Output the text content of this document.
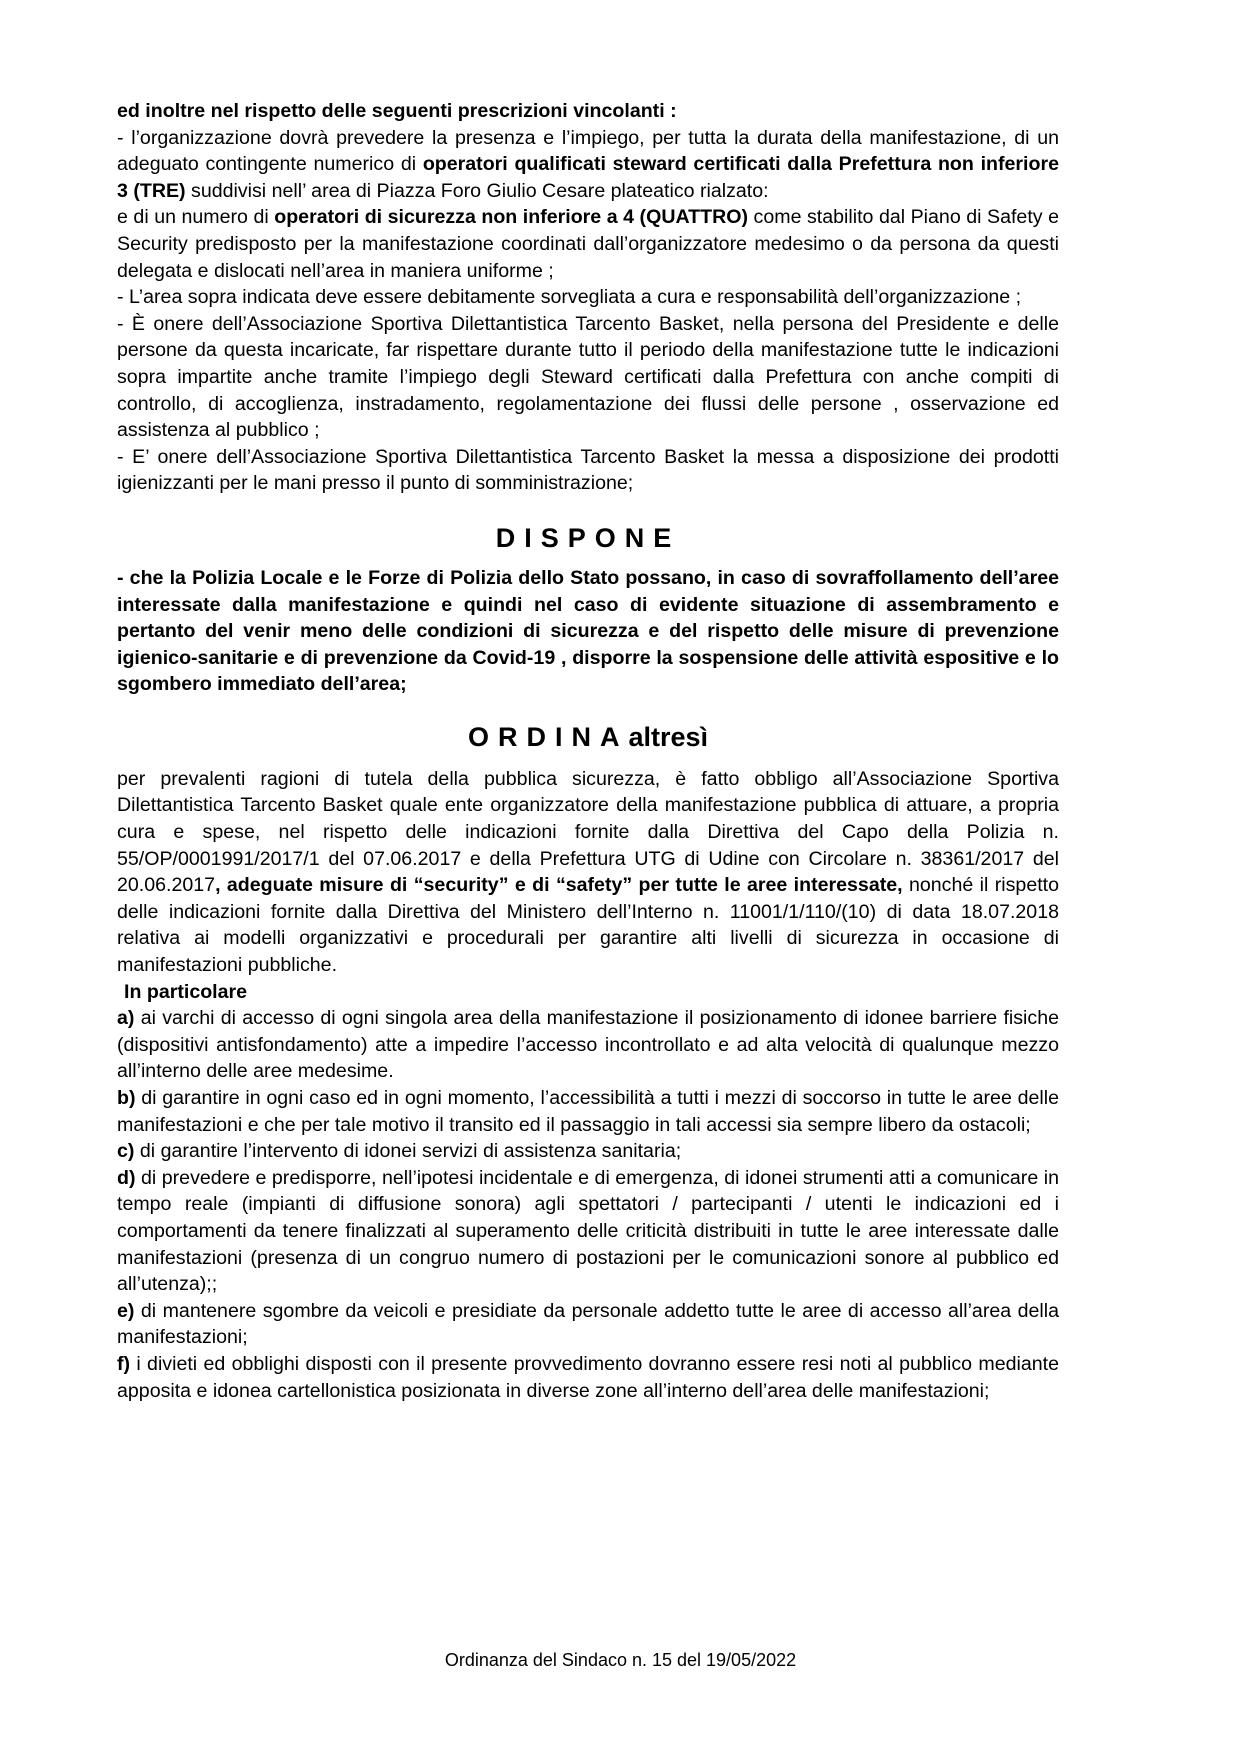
ed inoltre nel rispetto delle seguenti prescrizioni vincolanti :

- l’organizzazione dovrà prevedere la presenza e l’impiego, per tutta la durata della manifestazione, di un adeguato contingente numerico di operatori qualificati steward certificati dalla Prefettura non inferiore 3 (TRE) suddivisi nell’ area di Piazza Foro Giulio Cesare plateatico rialzato:

e di un numero di operatori di sicurezza non inferiore a 4 (QUATTRO) come stabilito dal Piano di Safety e Security predisposto per la manifestazione coordinati dall’organizzatore medesimo o da persona da questi delegata e dislocati nell’area in maniera uniforme ;

- L’area sopra indicata deve essere debitamente sorvegliata a cura e responsabilità dell’organizzazione ;

- È onere dell’Associazione Sportiva Dilettantistica Tarcento Basket, nella persona del Presidente e delle persone da questa incaricate, far rispettare durante tutto il periodo della manifestazione tutte le indicazioni sopra impartite anche tramite l’impiego degli Steward certificati dalla Prefettura con anche compiti di controllo, di accoglienza, instradamento, regolamentazione dei flussi delle persone , osservazione ed assistenza al pubblico ;

- E’ onere dell’Associazione Sportiva Dilettantistica Tarcento Basket la messa a disposizione dei prodotti igienizzanti per le mani presso il punto di somministrazione;

DISPONE

- che la Polizia Locale e le Forze di Polizia dello Stato possano, in caso di sovraffollamento dell’aree interessate dalla manifestazione e quindi nel caso di evidente situazione di assembramento e pertanto del venir meno delle condizioni di sicurezza e del rispetto delle misure di prevenzione igienico-sanitarie e di prevenzione da Covid-19 , disporre la sospensione delle attività espositive e lo sgombero immediato dell’area;

ORDINAaltresì

per prevalenti ragioni di tutela della pubblica sicurezza, è fatto obbligo all’Associazione Sportiva Dilettantistica Tarcento Basket quale ente organizzatore della manifestazione pubblica di attuare, a propria cura e spese, nel rispetto delle indicazioni fornite dalla Direttiva del Capo della Polizia n. 55/OP/0001991/2017/1 del 07.06.2017 e della Prefettura UTG di Udine con Circolare n. 38361/2017 del 20.06.2017, adeguate misure di “security” e di “safety” per tutte le aree interessate, nonché il rispetto delle indicazioni fornite dalla Direttiva del Ministero dell’Interno n. 11001/1/110/(10) di data 18.07.2018 relativa ai modelli organizzativi e procedurali per garantire alti livelli di sicurezza in occasione di manifestazioni pubbliche.

In particolare

a) ai varchi di accesso di ogni singola area della manifestazione il posizionamento di idonee barriere fisiche (dispositivi antisfondamento) atte a impedire l’accesso incontrollato e ad alta velocità di qualunque mezzo all’interno delle aree medesime.

b) di garantire in ogni caso ed in ogni momento, l’accessibilità a tutti i mezzi di soccorso in tutte le aree delle manifestazioni e che per tale motivo il transito ed il passaggio in tali accessi sia sempre libero da ostacoli;

c) di garantire l’intervento di idonei servizi di assistenza sanitaria;

d) di prevedere e predisporre, nell’ipotesi incidentale e di emergenza, di idonei strumenti atti a comunicare in tempo reale (impianti di diffusione sonora) agli spettatori / partecipanti / utenti le indicazioni ed i comportamenti da tenere finalizzati al superamento delle criticità distribuiti in tutte le aree interessate dalle manifestazioni (presenza di un congruo numero di postazioni per le comunicazioni sonore al pubblico ed all’utenza);;

e) di mantenere sgombre da veicoli e presidiate da personale addetto tutte le aree di accesso all’area della manifestazioni;

f) i divieti ed obblighi disposti con il presente provvedimento dovranno essere resi noti al pubblico mediante apposita e idonea cartellonistica posizionata in diverse zone all’interno dell’area delle manifestazioni;

Ordinanza del Sindaco n. 15 del 19/05/2022
